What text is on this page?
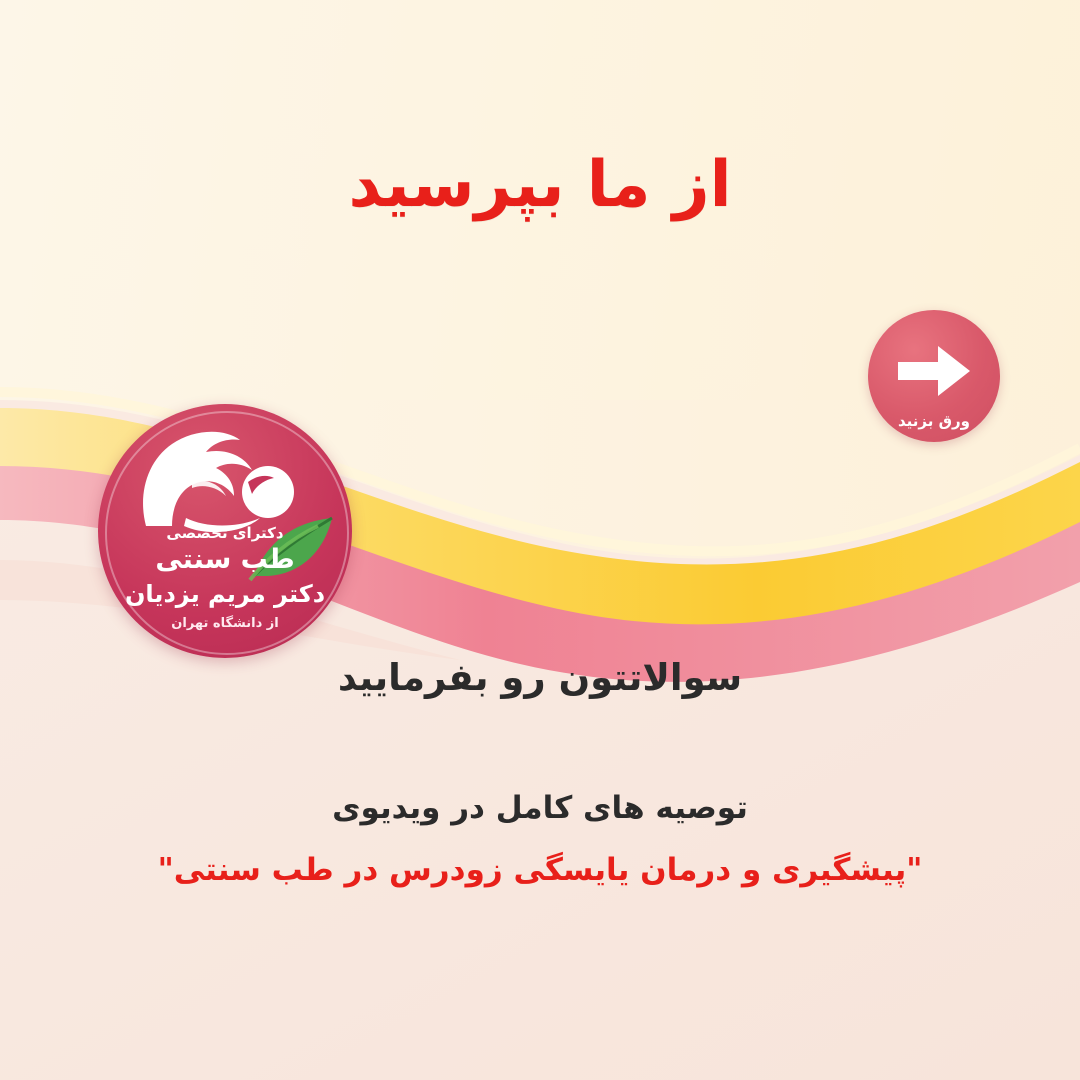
از ما بپرسید
ورق بزنید
دکترای تخصصی
طب سنتی
دکتر مریم یزدیان
از دانشگاه تهران
سوالاتتون رو بفرمایید
توصیه های کامل در ویدیوی
"پیشگیری و درمان یایسگی زودرس در طب سنتی"
